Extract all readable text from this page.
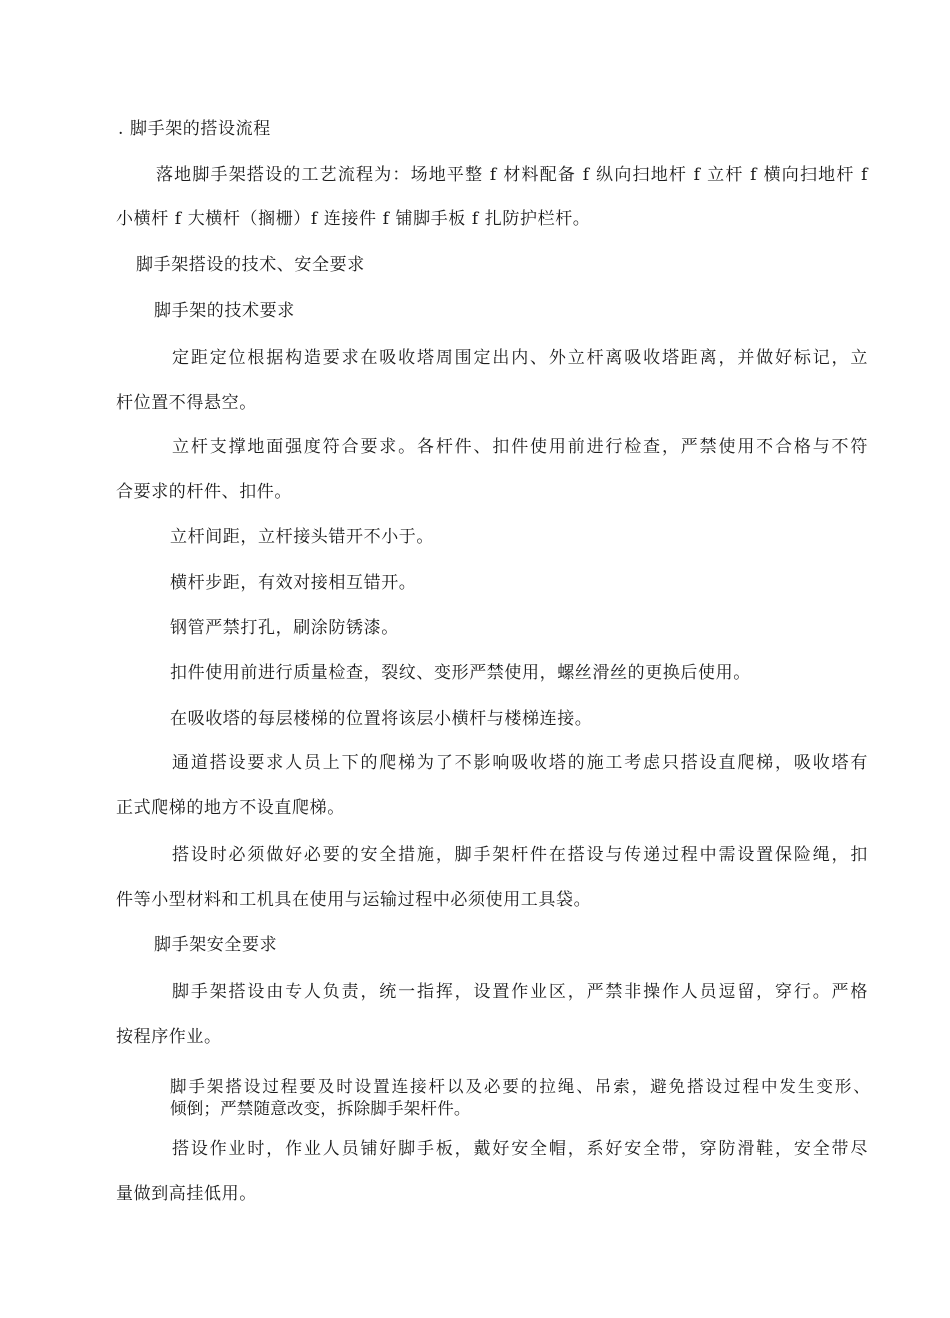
. 脚手架的搭设流程
落地脚手架搭设的工艺流程为：场地平整 f 材料配备 f 纵向扫地杆 f 立杆 f 横向扫地杆 f
小横杆 f 大横杆（搁栅）f 连接件 f 铺脚手板 f 扎防护栏杆。
脚手架搭设的技术、安全要求
脚手架的技术要求
定距定位根据构造要求在吸收塔周围定出内、外立杆离吸收塔距离，并做好标记，立
杆位置不得悬空。
立杆支撑地面强度符合要求。各杆件、扣件使用前进行检查，严禁使用不合格与不符
合要求的杆件、扣件。
立杆间距，立杆接头错开不小于。
横杆步距，有效对接相互错开。
钢管严禁打孔，刷涂防锈漆。
扣件使用前进行质量检查，裂纹、变形严禁使用，螺丝滑丝的更换后使用。
在吸收塔的每层楼梯的位置将该层小横杆与楼梯连接。
通道搭设要求人员上下的爬梯为了不影响吸收塔的施工考虑只搭设直爬梯，吸收塔有
正式爬梯的地方不设直爬梯。
搭设时必须做好必要的安全措施，脚手架杆件在搭设与传递过程中需设置保险绳，扣
件等小型材料和工机具在使用与运输过程中必须使用工具袋。
脚手架安全要求
脚手架搭设由专人负责，统一指挥，设置作业区，严禁非操作人员逗留，穿行。严格
按程序作业。
脚手架搭设过程要及时设置连接杆以及必要的拉绳、吊索，避免搭设过程中发生变形、
倾倒；严禁随意改变，拆除脚手架杆件。
搭设作业时，作业人员铺好脚手板，戴好安全帽，系好安全带，穿防滑鞋，安全带尽
量做到高挂低用。
